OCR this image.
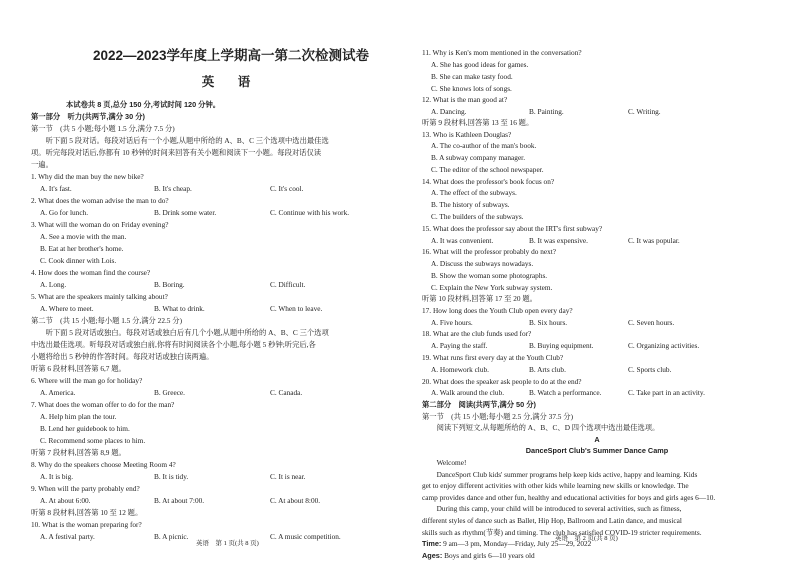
2022—2023学年度上学期高一第二次检测试卷
英 语
本试卷共 8 页,总分 150 分,考试时间 120 分钟。
第一部分　听力(共两节,满分 30 分)
第一节　(共 5 小题;每小题 1.5 分,满分 7.5 分)
　　听下面 5 段对话。每段对话后有一个小题,从题中所给的 A、B、C 三个选项中选出最佳选
项。听完每段对话后,你都有 10 秒钟的时间来回答有关小题和阅读下一小题。每段对话仅读
一遍。
1. Why did the man buy the new bike?
A. It's fast.	B. It's cheap.	C. It's cool.
2. What does the woman advise the man to do?
A. Go for lunch.	B. Drink some water.	C. Continue with his work.
3. What will the woman do on Friday evening?
A. See a movie with the man.
B. Eat at her brother's home.
C. Cook dinner with Lois.
4. How does the woman find the course?
A. Long.	B. Boring.	C. Difficult.
5. What are the speakers mainly talking about?
A. Where to meet.	B. What to drink.	C. When to leave.
第二节　(共 15 小题;每小题 1.5 分,满分 22.5 分)
　　听下面 5 段对话或独白。每段对话或独白后有几个小题,从题中所给的 A、B、C 三个选项
中选出最佳选项。听每段对话或独白前,你将有时间阅读各个小题,每小题 5 秒钟;听完后,各
小题将给出 5 秒钟的作答时间。每段对话或独白读两遍。
听第 6 段材料,回答第 6,7 题。
6. Where will the man go for holiday?
A. America.	B. Greece.	C. Canada.
7. What does the woman offer to do for the man?
A. Help him plan the tour.
B. Lend her guidebook to him.
C. Recommend some places to him.
听第 7 段材料,回答第 8,9 题。
8. Why do the speakers choose Meeting Room 4?
A. It is big.	B. It is tidy.	C. It is near.
9. When will the party probably end?
A. At about 6:00.	B. At about 7:00.	C. At about 8:00.
听第 8 段材料,回答第 10 至 12 题。
10. What is the woman preparing for?
A. A festival party.	B. A picnic.	C. A music competition.
英语　第 1 页(共 8 页)
11. Why is Ken's mom mentioned in the conversation?
A. She has good ideas for games.
B. She can make tasty food.
C. She knows lots of songs.
12. What is the man good at?
A. Dancing.	B. Painting.	C. Writing.
听第 9 段材料,回答第 13 至 16 题。
13. Who is Kathleen Douglas?
A. The co-author of the man's book.
B. A subway company manager.
C. The editor of the school newspaper.
14. What does the professor's book focus on?
A. The effect of the subways.
B. The history of subways.
C. The builders of the subways.
15. What does the professor say about the IRT's first subway?
A. It was convenient.	B. It was expensive.	C. It was popular.
16. What will the professor probably do next?
A. Discuss the subways nowadays.
B. Show the woman some photographs.
C. Explain the New York subway system.
听第 10 段材料,回答第 17 至 20 题。
17. How long does the Youth Club open every day?
A. Five hours.	B. Six hours.	C. Seven hours.
18. What are the club funds used for?
A. Paying the staff.	B. Buying equipment.	C. Organizing activities.
19. What runs first every day at the Youth Club?
A. Homework club.	B. Arts club.	C. Sports club.
20. What does the speaker ask people to do at the end?
A. Walk around the club.	B. Watch a performance.	C. Take part in an activity.
第二部分　阅读(共两节,满分 50 分)
第一节　(共 15 小题;每小题 2.5 分,满分 37.5 分)
　　阅读下列短文,从每题所给的 A、B、C、D 四个选项中选出最佳选项。
A
DanceSport Club's Summer Dance Camp
　　Welcome!
　　DanceSport Club kids' summer programs help keep kids active, happy and learning. Kids
get to enjoy different activities with other kids while learning new skills or knowledge. The
camp provides dance and other fun, healthy and educational activities for boys and girls ages 6—10.
　　During this camp, your child will be introduced to several activities, such as fitness,
different styles of dance such as Ballet, Hip Hop, Ballroom and Latin dance, and musical
skills such as rhythm(节奏) and timing. The club has satisfied COVID-19 stricter requirements.
Time: 9 am—3 pm, Monday—Friday, July 25—29, 2022
Ages: Boys and girls 6—10 years old
英语　第 2 页(共 8 页)
